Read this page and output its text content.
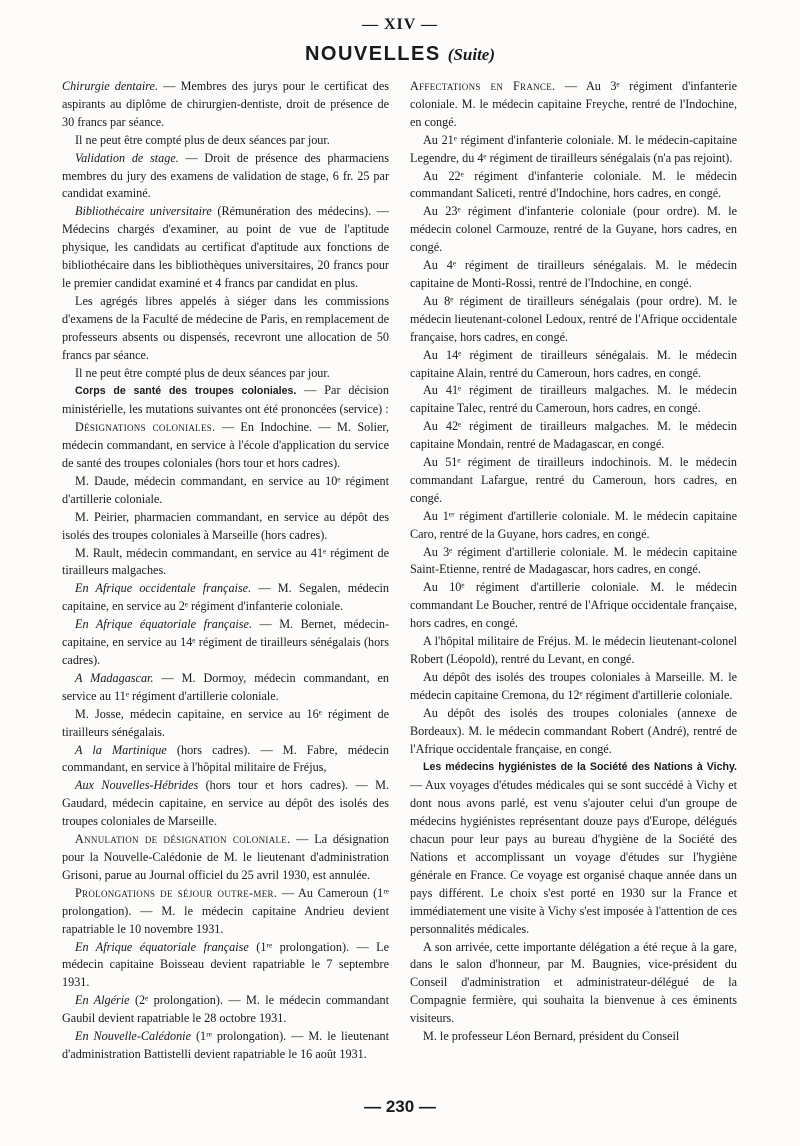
— XIV —
NOUVELLES (Suite)

Chirurgie dentaire. — Membres des jurys pour le certificat des aspirants au diplôme de chirurgien-dentiste, droit de présence de 30 francs par séance.

Il ne peut être compté plus de deux séances par jour.

Validation de stage. — Droit de présence des pharmaciens membres du jury des examens de validation de stage, 6 fr. 25 par candidat examiné.

Bibliothécaire universitaire (Rémunération des médecins). — Médecins chargés d'examiner, au point de vue de l'aptitude physique, les candidats au certificat d'aptitude aux fonctions de bibliothécaire dans les bibliothèques universitaires, 20 francs pour le premier candidat examiné et 4 francs par candidat en plus.

Les agrégés libres appelés à siéger dans les commissions d'examens de la Faculté de médecine de Paris, en remplacement de professeurs absents ou dispensés, recevront une allocation de 50 francs par séance.

Il ne peut être compté plus de deux séances par jour.

Corps de santé des troupes coloniales. — Par décision ministérielle, les mutations suivantes ont été prononcées (service) :

Désignations coloniales. — En Indochine. — M. Solier, médecin commandant, en service à l'école d'application du service de santé des troupes coloniales (hors tour et hors cadres).

M. Daude, médecin commandant, en service au 10ᵉ régiment d'artillerie coloniale.

M. Peirier, pharmacien commandant, en service au dépôt des isolés des troupes coloniales à Marseille (hors cadres).

M. Rault, médecin commandant, en service au 41ᵉ régiment de tirailleurs malgaches.

En Afrique occidentale française. — M. Segalen, médecin capitaine, en service au 2ᵉ régiment d'infanterie coloniale.

En Afrique équatoriale française. — M. Bernet, médecin-capitaine, en service au 14ᵉ régiment de tirailleurs sénégalais (hors cadres).

A Madagascar. — M. Dormoy, médecin commandant, en service au 11ᵉ régiment d'artillerie coloniale.

M. Josse, médecin capitaine, en service au 16ᵉ régiment de tirailleurs sénégalais.

A la Martinique (hors cadres). — M. Fabre, médecin commandant, en service à l'hôpital militaire de Fréjus,

Aux Nouvelles-Hébrides (hors tour et hors cadres). — M. Gaudard, médecin capitaine, en service au dépôt des isolés des troupes coloniales de Marseille.

Annulation de désignation coloniale. — La désignation pour la Nouvelle-Calédonie de M. le lieutenant d'administration Grisoni, parue au Journal officiel du 25 avril 1930, est annulée.

Prolongations de séjour outre-mer. — Au Cameroun (1ʳᵉ prolongation). — M. le médecin capitaine Andrieu devient rapatriable le 10 novembre 1931.

En Afrique équatoriale française (1ʳᵉ prolongation). — Le médecin capitaine Boisseau devient rapatriable le 7 septembre 1931.

En Algérie (2ᵉ prolongation). — M. le médecin commandant Gaubil devient rapatriable le 28 octobre 1931.

En Nouvelle-Calédonie (1ʳᵉ prolongation). — M. le lieutenant d'administration Battistelli devient rapatriable le 16 août 1931.

Affectations en France. — Au 3ᵉ régiment d'infanterie coloniale. M. le médecin capitaine Freyche, rentré de l'Indochine, en congé.

Au 21ᵉ régiment d'infanterie coloniale. M. le médecin-capitaine Legendre, du 4ᵉ régiment de tirailleurs sénégalais (n'a pas rejoint).

Au 22ᵉ régiment d'infanterie coloniale. M. le médecin commandant Saliceti, rentré d'Indochine, hors cadres, en congé.

Au 23ᵉ régiment d'infanterie coloniale (pour ordre). M. le médecin colonel Carmouze, rentré de la Guyane, hors cadres, en congé.

Au 4ᵉ régiment de tirailleurs sénégalais. M. le médecin capitaine de Monti-Rossi, rentré de l'Indochine, en congé.

Au 8ᵉ régiment de tirailleurs sénégalais (pour ordre). M. le médecin lieutenant-colonel Ledoux, rentré de l'Afrique occidentale française, hors cadres, en congé.

Au 14ᵉ régiment de tirailleurs sénégalais. M. le médecin capitaine Alain, rentré du Cameroun, hors cadres, en congé.

Au 41ᵉ régiment de tirailleurs malgaches. M. le médecin capitaine Talec, rentré du Cameroun, hors cadres, en congé.

Au 42ᵉ régiment de tirailleurs malgaches. M. le médecin capitaine Mondain, rentré de Madagascar, en congé.

Au 51ᵉ régiment de tirailleurs indochinois. M. le médecin commandant Lafargue, rentré du Cameroun, hors cadres, en congé.

Au 1ᵉʳ régiment d'artillerie coloniale. M. le médecin capitaine Caro, rentré de la Guyane, hors cadres, en congé.

Au 3ᵉ régiment d'artillerie coloniale. M. le médecin capitaine Saint-Etienne, rentré de Madagascar, hors cadres, en congé.

Au 10ᵉ régiment d'artillerie coloniale. M. le médecin commandant Le Boucher, rentré de l'Afrique occidentale française, hors cadres, en congé.

A l'hôpital militaire de Fréjus. M. le médecin lieutenant-colonel Robert (Léopold), rentré du Levant, en congé.

Au dépôt des isolés des troupes coloniales à Marseille. M. le médecin capitaine Cremona, du 12ᵉ régiment d'artillerie coloniale.

Au dépôt des isolés des troupes coloniales (annexe de Bordeaux). M. le médecin commandant Robert (André), rentré de l'Afrique occidentale française, en congé.

Les médecins hygiénistes de la Société des Nations à Vichy. — Aux voyages d'études médicales qui se sont succédé à Vichy et dont nous avons parlé, est venu s'ajouter celui d'un groupe de médecins hygiénistes représentant douze pays d'Europe, délégués chacun pour leur pays au bureau d'hygiène de la Société des Nations et accomplissant un voyage d'études sur l'hygiène générale en France. Ce voyage est organisé chaque année dans un pays différent. Le choix s'est porté en 1930 sur la France et immédiatement une visite à Vichy s'est imposée à l'attention de ces personnalités médicales.

A son arrivée, cette importante délégation a été reçue à la gare, dans le salon d'honneur, par M. Baugnies, vice-président du Conseil d'administration et administrateur-délégué de la Compagnie fermière, qui souhaita la bienvenue à ces éminents visiteurs.

M. le professeur Léon Bernard, président du Conseil

— 230 —
